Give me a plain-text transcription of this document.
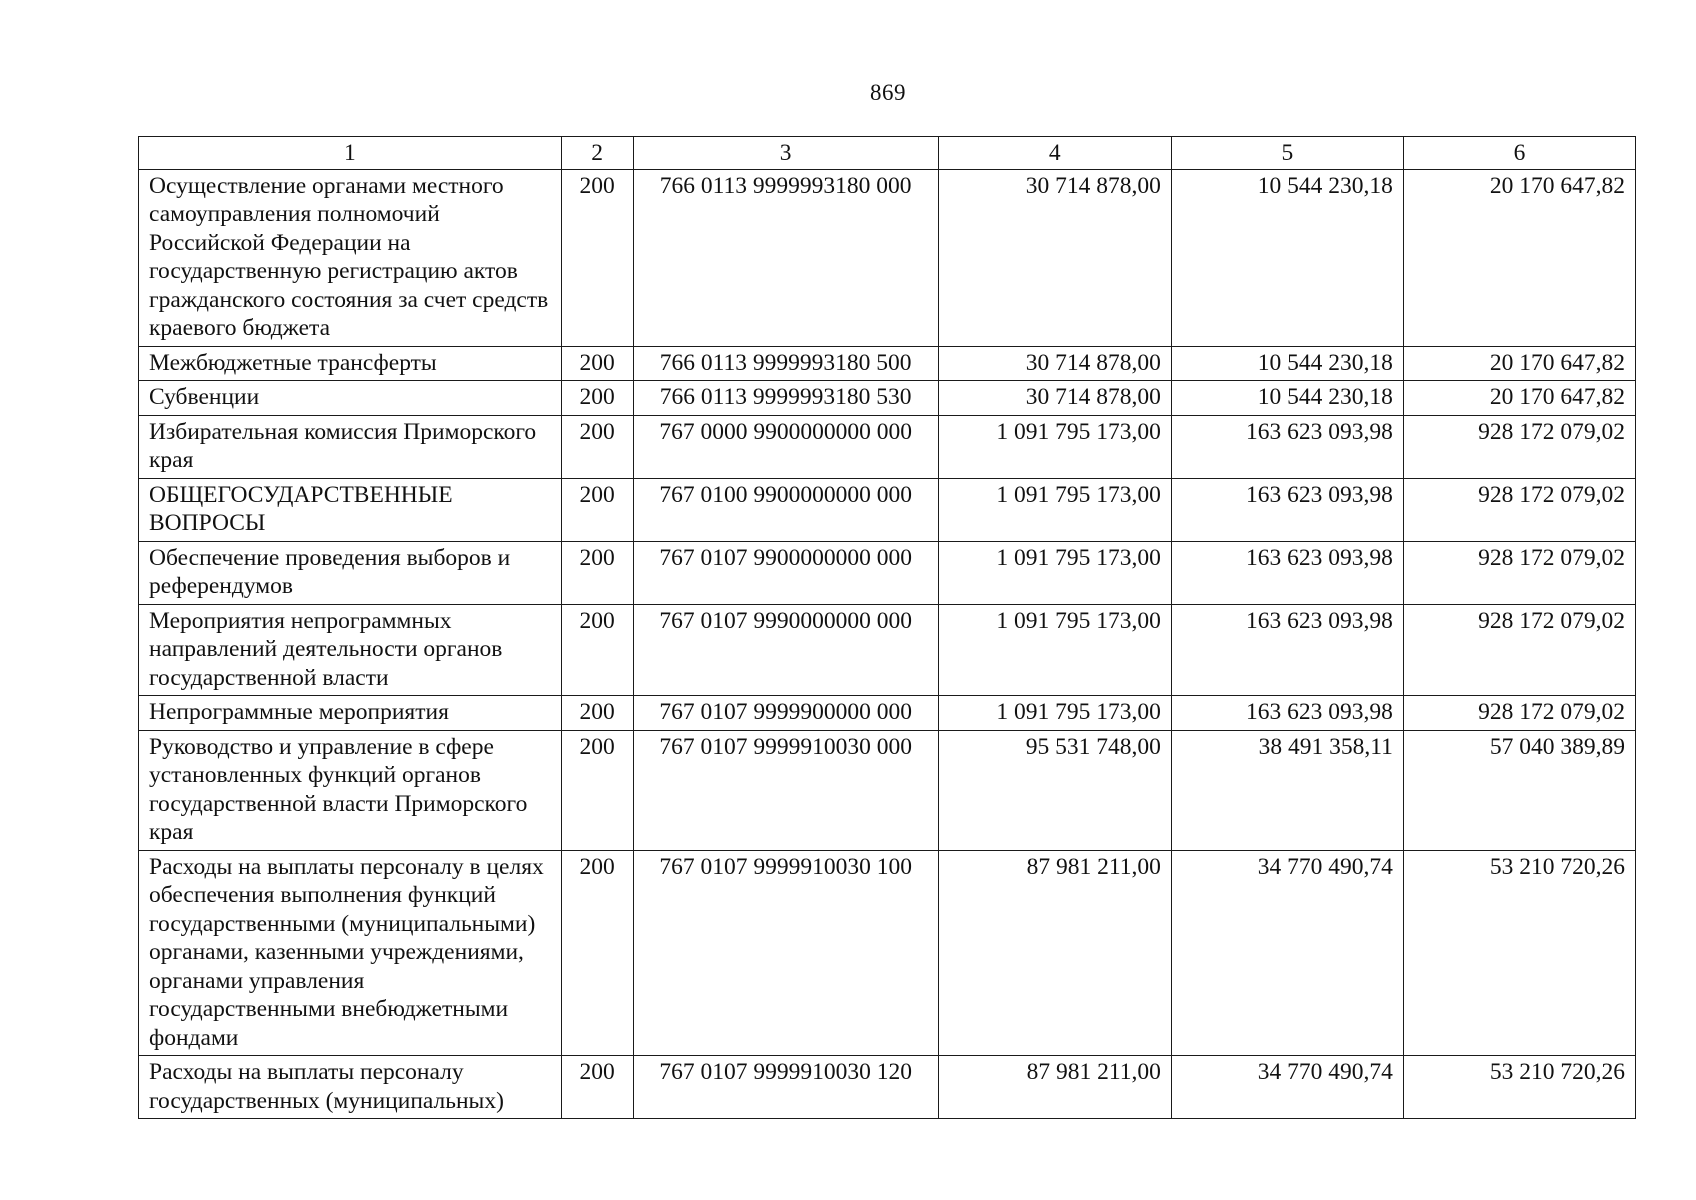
869
1	2	3	4	5	6
Осуществление органами местного самоуправления полномочий Российской Федерации на государственную регистрацию актов гражданского состояния за счет средств краевого бюджета	200	766 0113 9999993180 000	30 714 878,00	10 544 230,18	20 170 647,82
Межбюджетные трансферты	200	766 0113 9999993180 500	30 714 878,00	10 544 230,18	20 170 647,82
Субвенции	200	766 0113 9999993180 530	30 714 878,00	10 544 230,18	20 170 647,82
Избирательная комиссия Приморского края	200	767 0000 9900000000 000	1 091 795 173,00	163 623 093,98	928 172 079,02
ОБЩЕГОСУДАРСТВЕННЫЕ ВОПРОСЫ	200	767 0100 9900000000 000	1 091 795 173,00	163 623 093,98	928 172 079,02
Обеспечение проведения выборов и референдумов	200	767 0107 9900000000 000	1 091 795 173,00	163 623 093,98	928 172 079,02
Мероприятия непрограммных направлений деятельности органов государственной власти	200	767 0107 9990000000 000	1 091 795 173,00	163 623 093,98	928 172 079,02
Непрограммные мероприятия	200	767 0107 9999900000 000	1 091 795 173,00	163 623 093,98	928 172 079,02
Руководство и управление в сфере установленных функций органов государственной власти Приморского края	200	767 0107 9999910030 000	95 531 748,00	38 491 358,11	57 040 389,89
Расходы на выплаты персоналу в целях обеспечения выполнения функций государственными (муниципальными) органами, казенными учреждениями, органами управления государственными внебюджетными фондами	200	767 0107 9999910030 100	87 981 211,00	34 770 490,74	53 210 720,26
Расходы на выплаты персоналу государственных (муниципальных)	200	767 0107 9999910030 120	87 981 211,00	34 770 490,74	53 210 720,26
